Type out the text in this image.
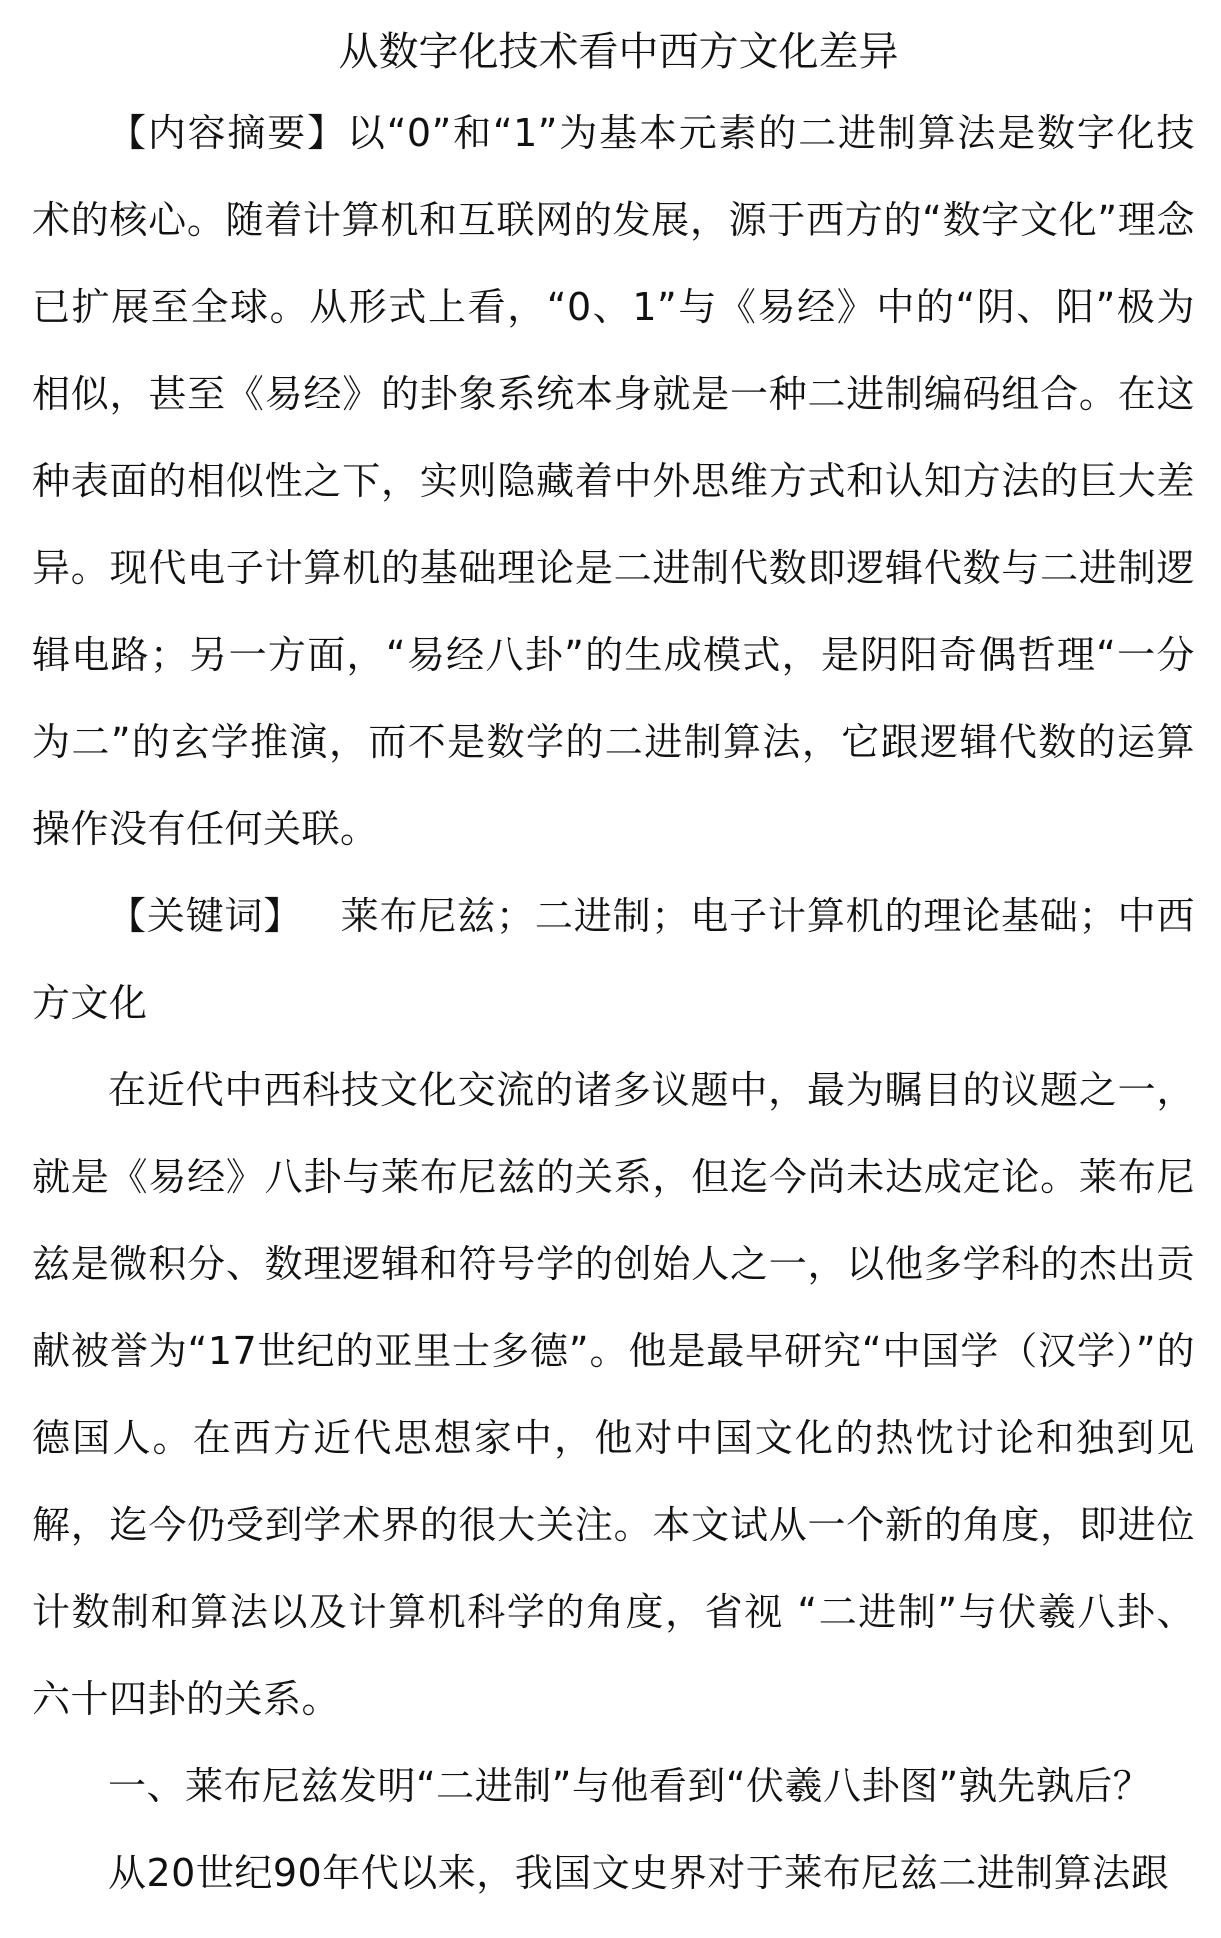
从数字化技术看中西方文化差异

【内容摘要】以“0”和“1”为基本元素的二进制算法是数字化技术的核心。随着计算机和互联网的发展，源于西方的“数字文化”理念已扩展至全球。从形式上看，“0、1”与《易经》中的“阴、阳”极为相似，甚至《易经》的卦象系统本身就是一种二进制编码组合。在这种表面的相似性之下，实则隐藏着中外思维方式和认知方法的巨大差异。现代电子计算机的基础理论是二进制代数即逻辑代数与二进制逻辑电路；另一方面，“易经八卦”的生成模式，是阴阳奇偶哲理“一分为二”的玄学推演，而不是数学的二进制算法，它跟逻辑代数的运算操作没有任何关联。

【关键词】 莱布尼兹；二进制；电子计算机的理论基础；中西方文化

在近代中西科技文化交流的诸多议题中，最为瞩目的议题之一，就是《易经》八卦与莱布尼兹的关系，但迄今尚未达成定论。莱布尼兹是微积分、数理逻辑和符号学的创始人之一，以他多学科的杰出贡献被誉为“17世纪的亚里士多德”。他是最早研究“中国学（汉学）”的德国人。在西方近代思想家中，他对中国文化的热忱讨论和独到见解，迄今仍受到学术界的很大关注。本文试从一个新的角度，即进位计数制和算法以及计算机科学的角度，省视 “二进制”与伏羲八卦、六十四卦的关系。

一、莱布尼兹发明“二进制”与他看到“伏羲八卦图”孰先孰后？

从20世纪90年代以来，我国文史界对于莱布尼兹二进制算法跟
